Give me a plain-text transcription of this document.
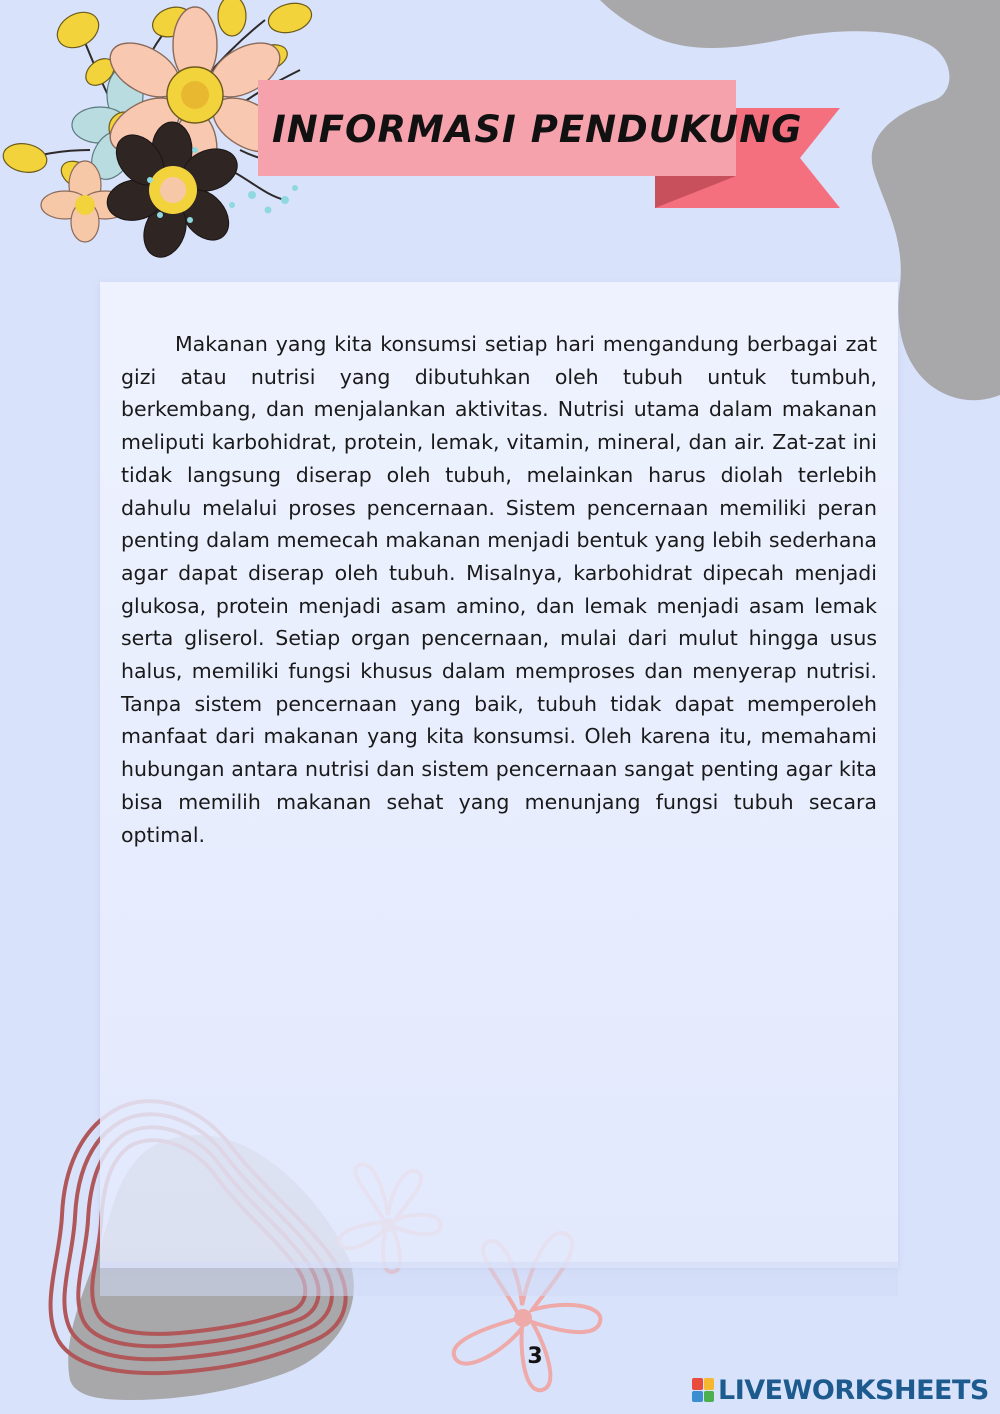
INFORMASI PENDUKUNG

Makanan yang kita konsumsi setiap hari mengandung berbagai zat gizi atau nutrisi yang dibutuhkan oleh tubuh untuk tumbuh, berkembang, dan menjalankan aktivitas. Nutrisi utama dalam makanan meliputi karbohidrat, protein, lemak, vitamin, mineral, dan air. Zat-zat ini tidak langsung diserap oleh tubuh, melainkan harus diolah terlebih dahulu melalui proses pencernaan. Sistem pencernaan memiliki peran penting dalam memecah makanan menjadi bentuk yang lebih sederhana agar dapat diserap oleh tubuh. Misalnya, karbohidrat dipecah menjadi glukosa, protein menjadi asam amino, dan lemak menjadi asam lemak serta gliserol. Setiap organ pencernaan, mulai dari mulut hingga usus halus, memiliki fungsi khusus dalam memproses dan menyerap nutrisi. Tanpa sistem pencernaan yang baik, tubuh tidak dapat memperoleh manfaat dari makanan yang kita konsumsi. Oleh karena itu, memahami hubungan antara nutrisi dan sistem pencernaan sangat penting agar kita bisa memilih makanan sehat yang menunjang fungsi tubuh secara optimal.

3
LIVEWORKSHEETS
